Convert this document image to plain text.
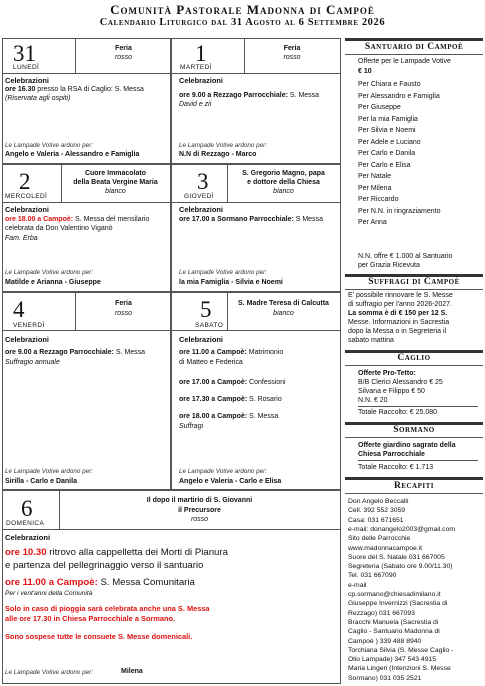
Comunità Pastorale Madonna di Campoè
Calendario Liturgico dal 31 Agosto al 6 Settembre 2026
31
LUNEDÌ
Feria
rosso
Celebrazioni
ore 16.30 presso la RSA di Caglio: S. Messa
(Riservata agli ospiti)
Le Lampade Votive ardono per:
Angelo e Valeria - Alessandro e Famiglia
1
MARTEDÌ
Feria
rosso
Celebrazioni
ore 9.00 a Rezzago Parrocchiale: S. Messa
David e zii
Le Lampade Votive ardono per:
N.N di Rezzago - Marco
2
MERCOLEDÌ
Cuore Immacolato
della Beata Vergine Maria
bianco
Celebrazioni
ore 18.00 a Campoè: S. Messa del mensilario
celebrata da Don Valentino Viganò
Fam. Erba
Le Lampade Votive ardono per:
Matilde e Arianna - Giuseppe
3
GIOVEDÌ
S. Gregorio Magno, papa
e dottore della Chiesa
bianco
Celebrazioni
ore 17.00 a Sormano Parrocchiale: S Messa
Le Lampade Votive ardono per:
la mia Famiglia - Silvia e Noemi
4
VENERDÌ
Feria
rosso
Celebrazioni
ore 9.00 a Rezzago Parrocchiale: S. Messa
Suffragio annuale
Le Lampade Votive ardono per:
Sirilla - Carlo e Danila
5
SABATO
S. Madre Teresa di Calcutta
bianco
Celebrazioni
ore 11.00 a Campoè: Matrimonio
di Matteo e Federica
ore 17.00 a Campoè: Confessioni
ore 17.30 a Campoè: S. Rosario
ore 18.00 a Campoè: S. Messa
Suffragi
Le Lampade Votive ardono per:
Angelo e Valeria - Carlo e Elisa
6
DOMENICA
Il dopo il martirio di S. Giovanni
il Precursore
rosso
Celebrazioni
ore 10.30 ritrovo alla cappelletta dei Morti di Pianura
e partenza del pellegrinaggio verso il santuario
ore 11.00 a Campoè: S. Messa Comunitaria
Per i vent'anni della Comunità
Solo in caso di pioggia sarà celebrata anche una S. Messa
alle ore 17.30 in Chiesa Parrocchiale a Sormano.
Sono sospese tutte le consuete S. Messe domenicali.
Le Lampade Votive ardono per:	Milena
Santuario di Campoè
Offerte per le Lampade Votive
€ 10
Per Chiara e Fausto
Per Alessandro e Famiglia
Per Giuseppe
Per la mia Famiglia
Per Silvia e Noemi
Per Adele e Luciano
Per Carlo e Danila
Per Carlo e Elisa
Per Natale
Per Milena
Per Riccardo
Per N.N. in ringraziamento
Per Anna
N.N. offre € 1.000 al Santuario
per Grazia Ricevuta
Suffragi di Campoè
E' possibile rinnovare le S. Messe
di suffragio per l'anno 2026-2027.
La somma è di € 150 per 12 S.
Messe. Informazioni in Sacrestia
dopo la Messa o in Segreteria il
sabato mattina
Caglio
Offerte Pro-Tetto:
B/B Clerici Alessandro € 25
Silvana e Filippo € 50
N.N. € 20
Totale Raccolto: € 25.080
Sormano
Offerte giardino sagrato della
Chiesa Parrocchiale
Totale Raccolto: € 1.713
Recapiti
Don Angelo Beccalli
Cell. 392 552 3059
Casa: 031 671651
e-mail: donangelo2003@gmail.com
Sito delle Parrocchie
www.madonnacampoe.it
Suore del S. Natale 031 667005
Segreteria (Sabato ore 9.00/11.30)
Tel. 031 667090
e-mail
cp.sormano@chiesadimilano.it
Giuseppe Invernizzi (Sacrestia di
Rezzago) 031 667093
Bracchi Manuela (Sacrestia di
Caglio - Santuario Madonna di
Campoè ) 339 488 8940
Torchiana Silvia (S. Messe Caglio -
Olio Lampade) 347 543 4915
Maria Lingeri (Intenzioni S. Messe
Sormano) 031 035 2521
